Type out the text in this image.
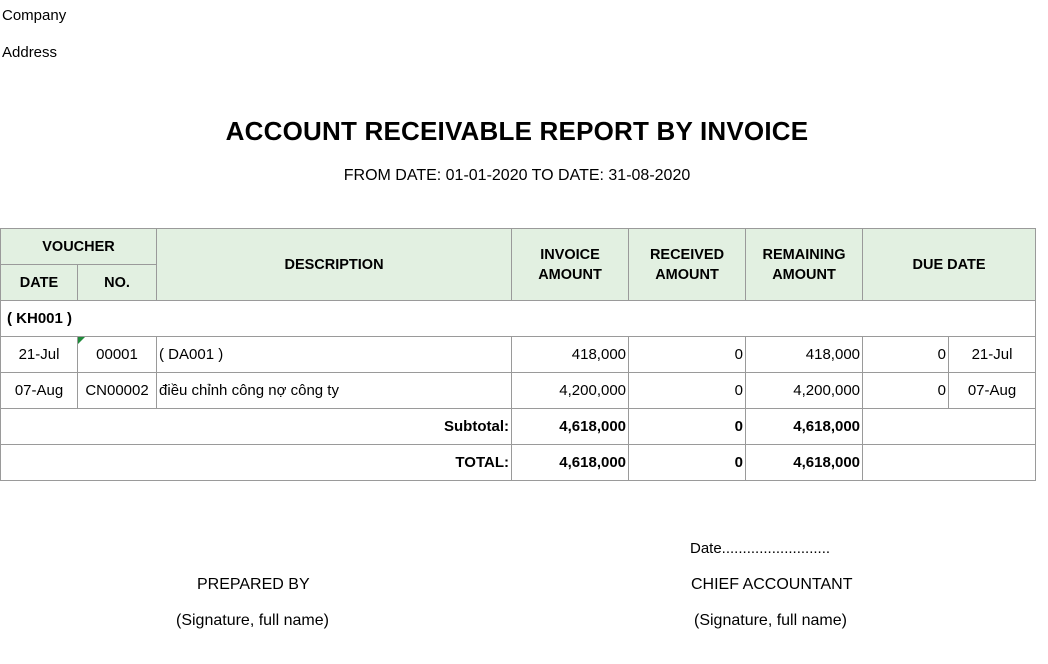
Company
Address
ACCOUNT RECEIVABLE REPORT BY INVOICE
FROM DATE: 01-01-2020 TO DATE: 31-08-2020
VOUCHER		DESCRIPTION	INVOICE AMOUNT	RECEIVED AMOUNT	REMAINING AMOUNT	DUE DATE	
DATE	NO.						
( KH001 )							
21-Jul	00001	( DA001 )	418,000	0	418,000	0	21-Jul
07-Aug	CN00002	điều chỉnh công nợ công ty	4,200,000	0	4,200,000	0	07-Aug
Subtotal:			4,618,000	0	4,618,000		
TOTAL:			4,618,000	0	4,618,000		
Date..........................
PREPARED BY	CHIEF ACCOUNTANT
(Signature, full name)	(Signature, full name)
